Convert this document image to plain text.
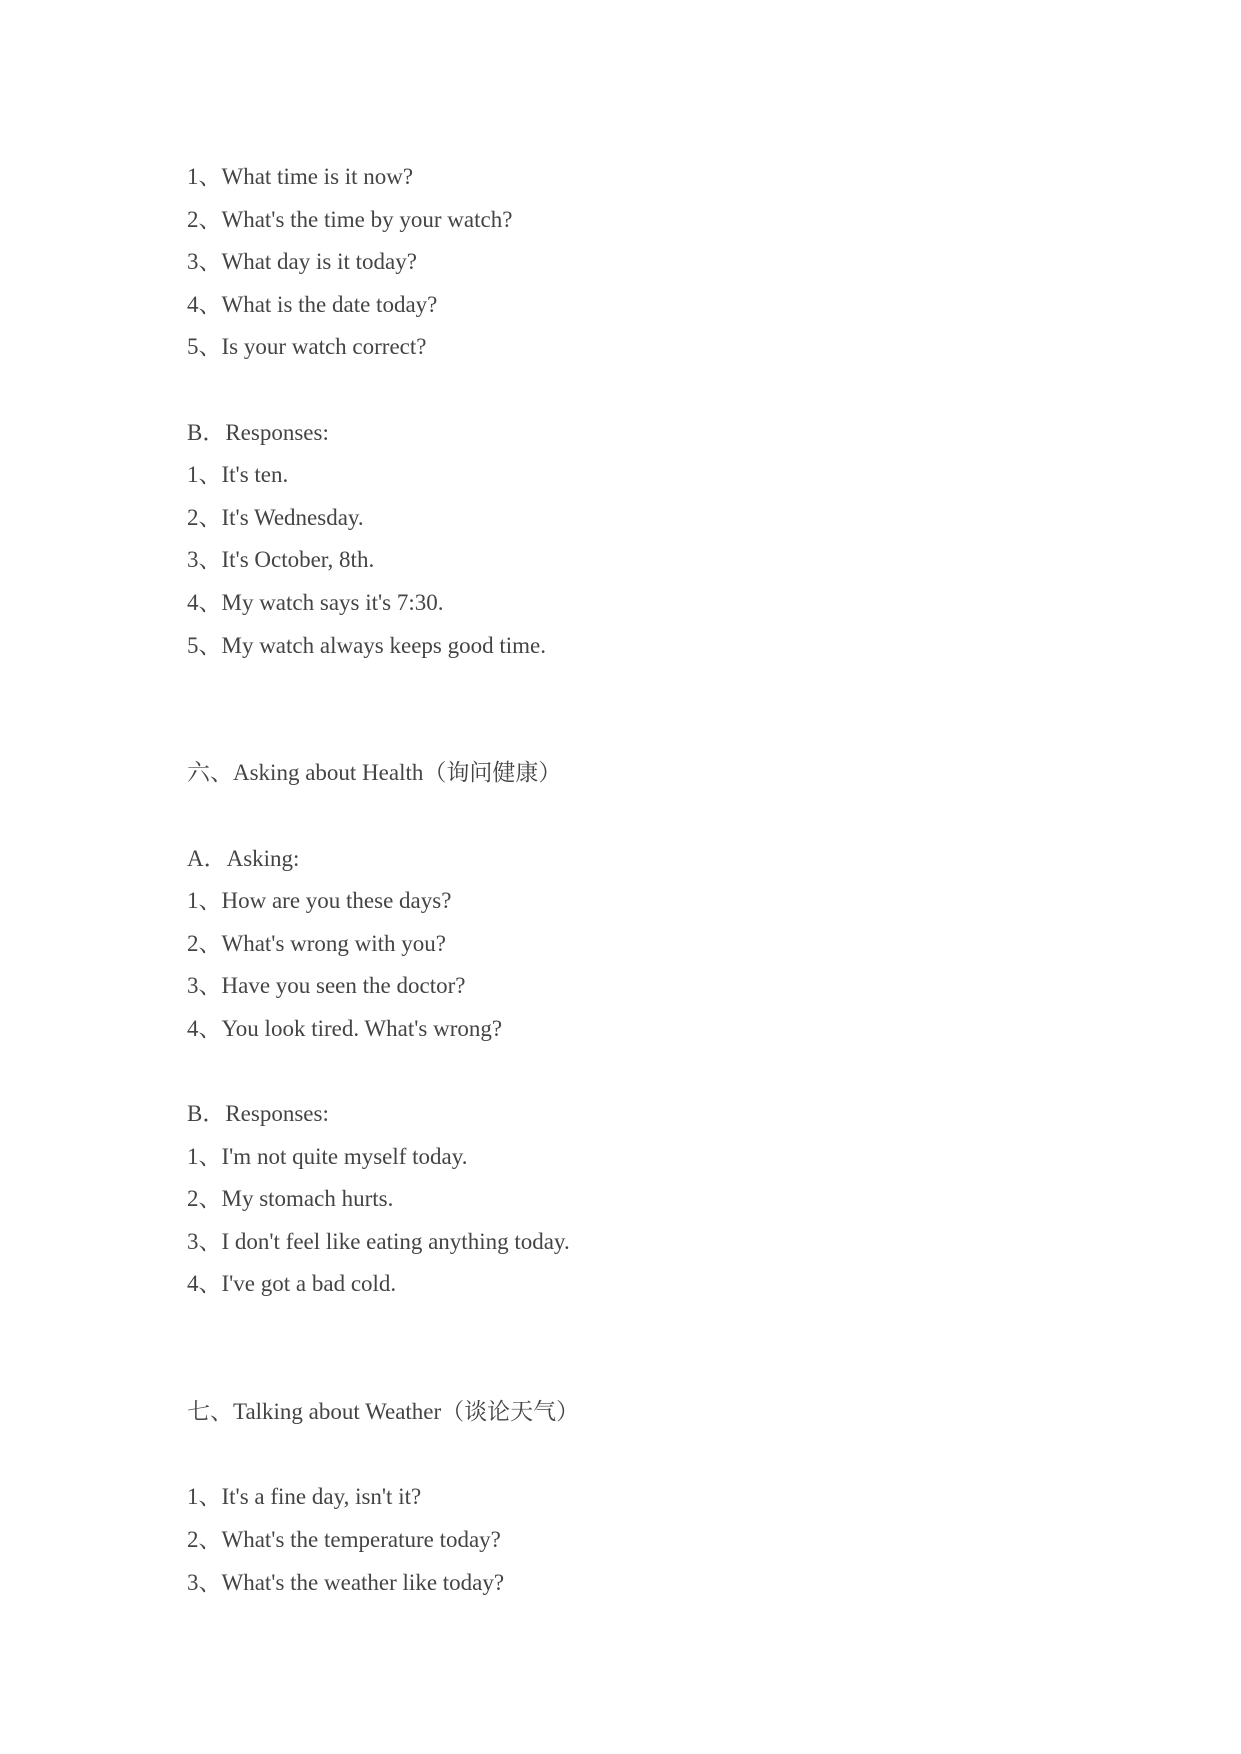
1、What time is it now?
2、What's the time by your watch?
3、What day is it today?
4、What is the date today?
5、Is your watch correct?
B．Responses:
1、It's ten.
2、It's Wednesday.
3、It's October, 8th.
4、My watch says it's 7:30.
5、My watch always keeps good time.
六、Asking about Health（询问健康）
A．Asking:
1、How are you these days?
2、What's wrong with you?
3、Have you seen the doctor?
4、You look tired. What's wrong?
B．Responses:
1、I'm not quite myself today.
2、My stomach hurts.
3、I don't feel like eating anything today.
4、I've got a bad cold.
七、Talking about Weather（谈论天气）
1、It's a fine day, isn't it?
2、What's the temperature today?
3、What's the weather like today?
